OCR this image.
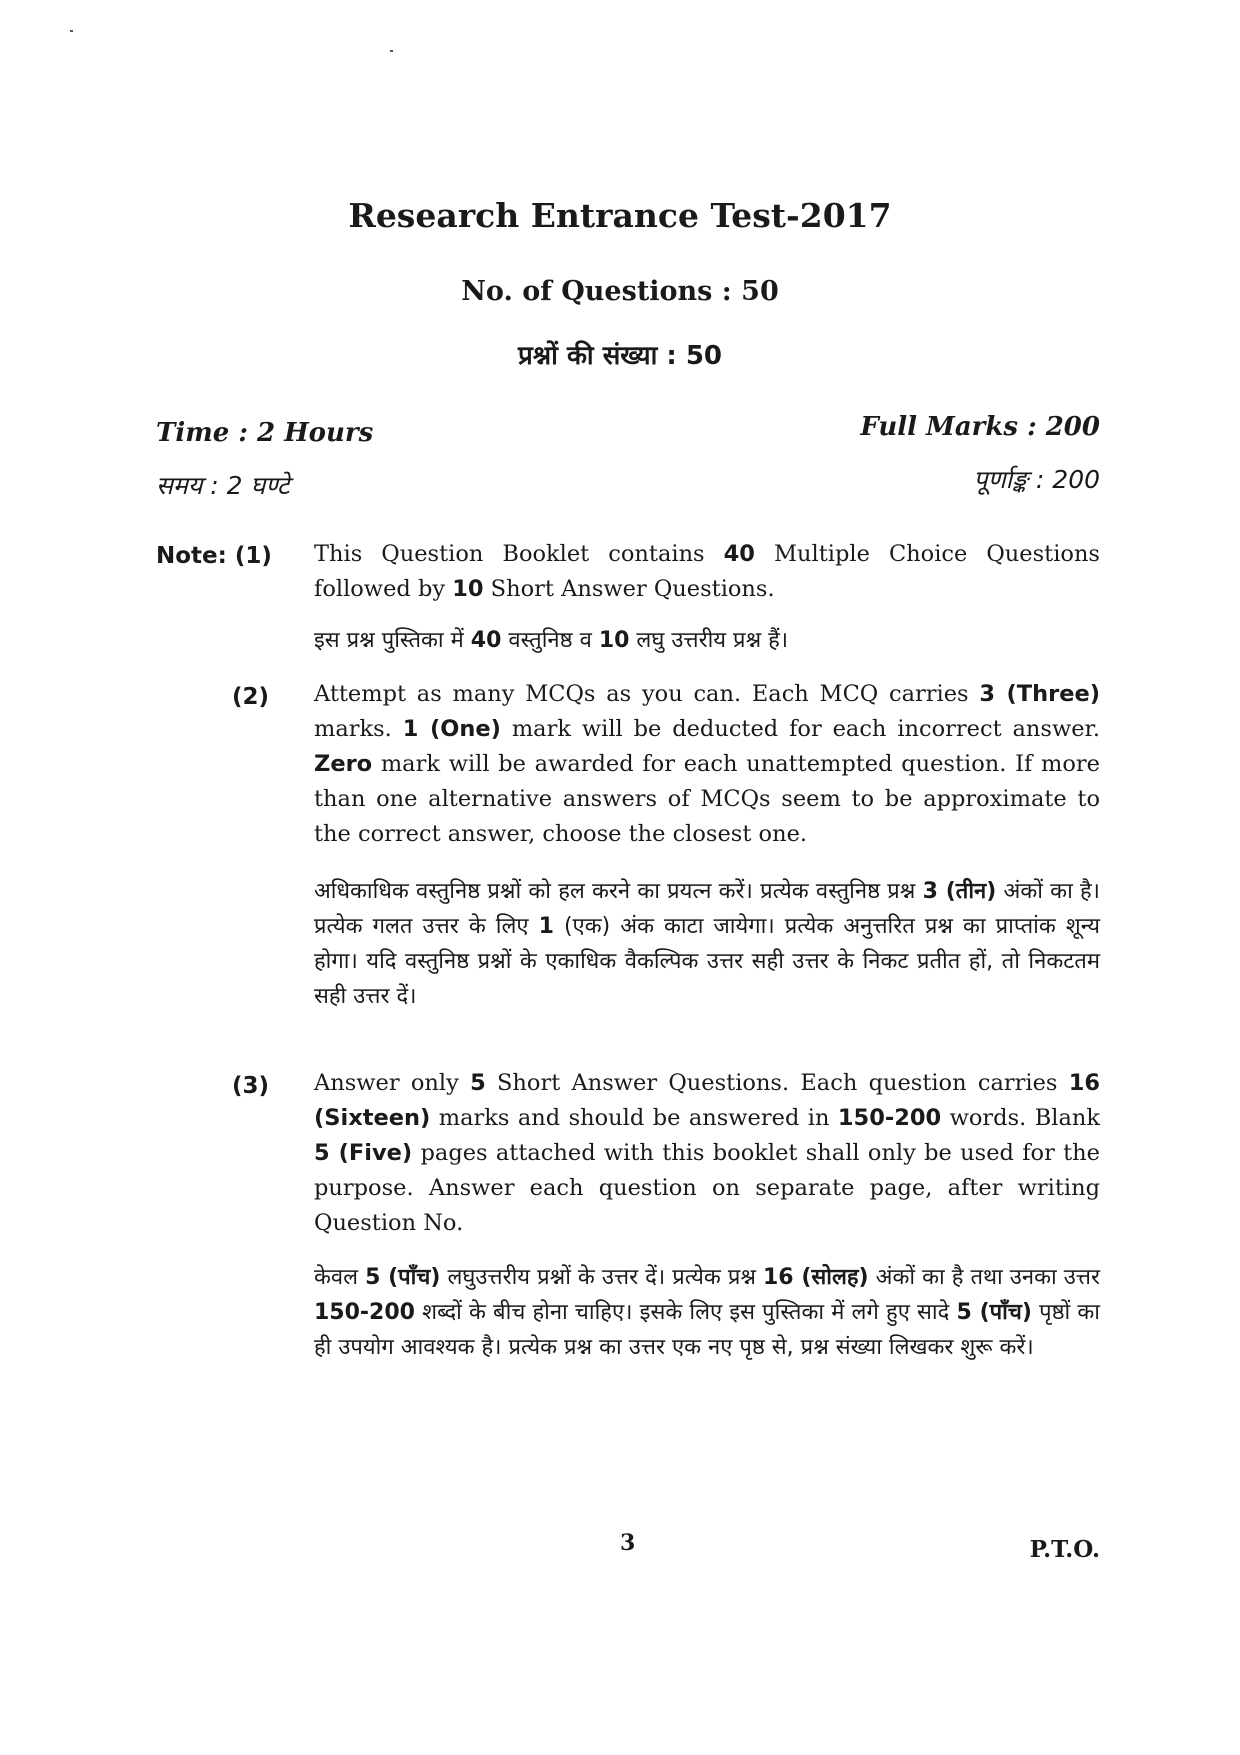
Research Entrance Test-2017
No. of Questions : 50
प्रश्नों की संख्या : 50
Time : 2 Hours
समय : 2 घण्टे
Full Marks : 200
पूर्णाङ्क : 200
Note: (1) This Question Booklet contains 40 Multiple Choice Questions followed by 10 Short Answer Questions.

इस प्रश्न पुस्तिका में 40 वस्तुनिष्ठ व 10 लघु उत्तरीय प्रश्न हैं।

(2) Attempt as many MCQs as you can. Each MCQ carries 3 (Three) marks. 1 (One) mark will be deducted for each incorrect answer. Zero mark will be awarded for each unattempted question. If more than one alternative answers of MCQs seem to be approximate to the correct answer, choose the closest one.

अधिकाधिक वस्तुनिष्ठ प्रश्नों को हल करने का प्रयत्न करें। प्रत्येक वस्तुनिष्ठ प्रश्न 3 (तीन) अंकों का है। प्रत्येक गलत उत्तर के लिए 1 (एक) अंक काटा जायेगा। प्रत्येक अनुत्तरित प्रश्न का प्राप्तांक शून्य होगा। यदि वस्तुनिष्ठ प्रश्नों के एकाधिक वैकल्पिक उत्तर सही उत्तर के निकट प्रतीत हों, तो निकटतम सही उत्तर दें।

(3) Answer only 5 Short Answer Questions. Each question carries 16 (Sixteen) marks and should be answered in 150-200 words. Blank 5 (Five) pages attached with this booklet shall only be used for the purpose. Answer each question on separate page, after writing Question No.

केवल 5 (पाँच) लघुउत्तरीय प्रश्नों के उत्तर दें। प्रत्येक प्रश्न 16 (सोलह) अंकों का है तथा उनका उत्तर 150-200 शब्दों के बीच होना चाहिए। इसके लिए इस पुस्तिका में लगे हुए सादे 5 (पाँच) पृष्ठों का ही उपयोग आवश्यक है। प्रत्येक प्रश्न का उत्तर एक नए पृष्ठ से, प्रश्न संख्या लिखकर शुरू करें।

3	P.T.O.
